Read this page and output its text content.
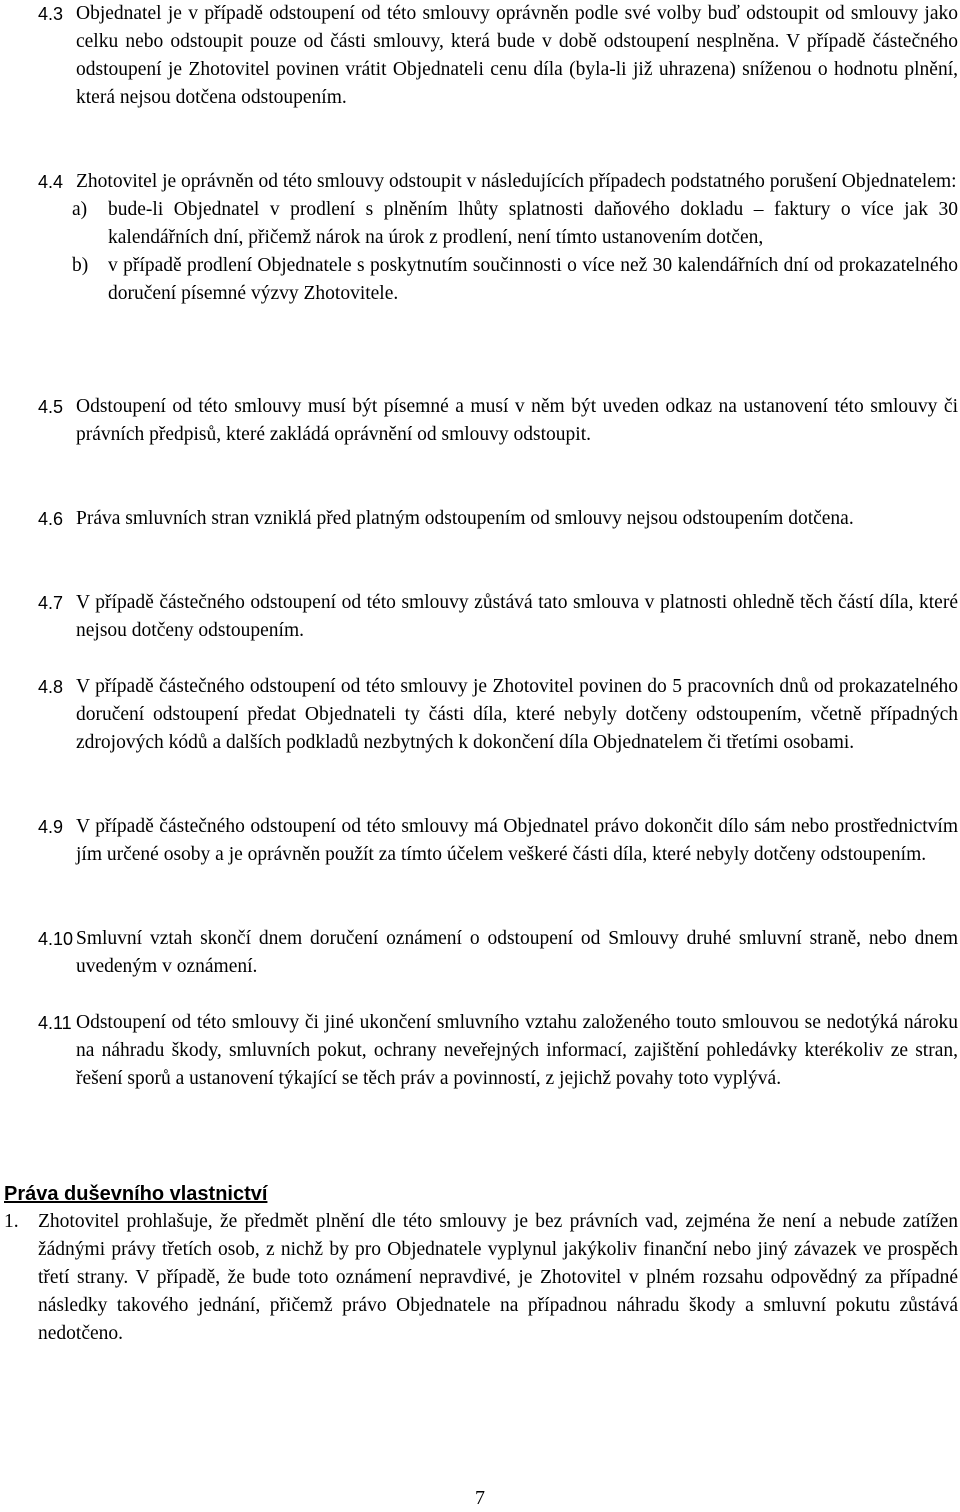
4.3 Objednatel je v případě odstoupení od této smlouvy oprávněn podle své volby buď odstoupit od smlouvy jako celku nebo odstoupit pouze od části smlouvy, která bude v době odstoupení nesplněna. V případě částečného odstoupení je Zhotovitel povinen vrátit Objednateli cenu díla (byla-li již uhrazena) sníženou o hodnotu plnění, která nejsou dotčena odstoupením.
4.4 Zhotovitel je oprávněn od této smlouvy odstoupit v následujících případech podstatného porušení Objednatelem:
a)	bude-li Objednatel v prodlení s plněním lhůty splatnosti daňového dokladu – faktury o více jak 30 kalendářních dní, přičemž nárok na úrok z prodlení, není tímto ustanovením dotčen,
b)	v případě prodlení Objednatele s poskytnutím součinnosti o více než 30 kalendářních dní od prokazatelného doručení písemné výzvy Zhotovitele.
4.5 Odstoupení od této smlouvy musí být písemné a musí v něm být uveden odkaz na ustanovení této smlouvy či právních předpisů, které zakládá oprávnění od smlouvy odstoupit.
4.6 Práva smluvních stran vzniklá před platným odstoupením od smlouvy nejsou odstoupením dotčena.
4.7 V případě částečného odstoupení od této smlouvy zůstává tato smlouva v platnosti ohledně těch částí díla, které nejsou dotčeny odstoupením.
4.8 V případě částečného odstoupení od této smlouvy je Zhotovitel povinen do 5 pracovních dnů od prokazatelného doručení odstoupení předat Objednateli ty části díla, které nebyly dotčeny odstoupením, včetně případných zdrojových kódů a dalších podkladů nezbytných k dokončení díla Objednatelem či třetími osobami.
4.9 V případě částečného odstoupení od této smlouvy má Objednatel právo dokončit dílo sám nebo prostřednictvím jím určené osoby a je oprávněn použít za tímto účelem veškeré části díla, které nebyly dotčeny odstoupením.
4.10 Smluvní vztah skončí dnem doručení oznámení o odstoupení od Smlouvy druhé smluvní straně, nebo dnem uvedeným v oznámení.
4.11 Odstoupení od této smlouvy či jiné ukončení smluvního vztahu založeného touto smlouvou se nedotýká nároku na náhradu škody, smluvních pokut, ochrany neveřejných informací, zajištění pohledávky kterékoliv ze stran, řešení sporů a ustanovení týkající se těch práv a povinností, z jejichž povahy toto vyplývá.
Práva duševního vlastnictví
1. Zhotovitel prohlašuje, že předmět plnění dle této smlouvy je bez právních vad, zejména že není a nebude zatížen žádnými právy třetích osob, z nichž by pro Objednatele vyplynul jakýkoliv finanční nebo jiný závazek ve prospěch třetí strany. V případě, že bude toto oznámení nepravdivé, je Zhotovitel v plném rozsahu odpovědný za případné následky takového jednání, přičemž právo Objednatele na případnou náhradu škody a smluvní pokutu zůstává nedotčeno.
7
